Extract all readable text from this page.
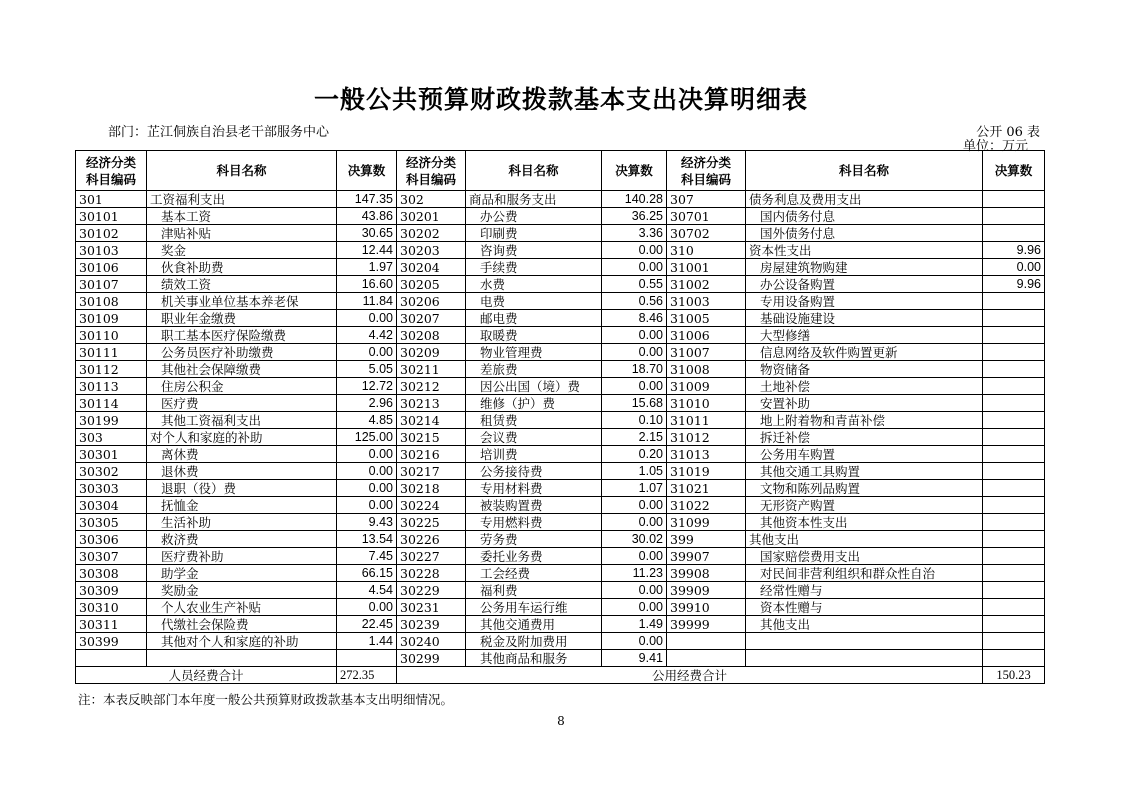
一般公共预算财政拨款基本支出决算明细表
部门：芷江侗族自治县老干部服务中心	公开 06 表
单位：万元
经济分类
科目编码	科目名称	决算数	经济分类
科目编码	科目名称	决算数	经济分类
科目编码	科目名称	决算数
301	工资福利支出	147.35	302	商品和服务支出	140.28	307	债务利息及费用支出	
30101	基本工资	43.86	30201	办公费	36.25	30701	国内债务付息	
30102	津贴补贴	30.65	30202	印刷费	3.36	30702	国外债务付息	
30103	奖金	12.44	30203	咨询费	0.00	310	资本性支出	9.96
30106	伙食补助费	1.97	30204	手续费	0.00	31001	房屋建筑物购建	0.00
30107	绩效工资	16.60	30205	水费	0.55	31002	办公设备购置	9.96
30108	机关事业单位基本养老保	11.84	30206	电费	0.56	31003	专用设备购置	
30109	职业年金缴费	0.00	30207	邮电费	8.46	31005	基础设施建设	
30110	职工基本医疗保险缴费	4.42	30208	取暖费	0.00	31006	大型修缮	
30111	公务员医疗补助缴费	0.00	30209	物业管理费	0.00	31007	信息网络及软件购置更新	
30112	其他社会保障缴费	5.05	30211	差旅费	18.70	31008	物资储备	
30113	住房公积金	12.72	30212	因公出国（境）费	0.00	31009	土地补偿	
30114	医疗费	2.96	30213	维修（护）费	15.68	31010	安置补助	
30199	其他工资福利支出	4.85	30214	租赁费	0.10	31011	地上附着物和青苗补偿	
303	对个人和家庭的补助	125.00	30215	会议费	2.15	31012	拆迁补偿	
30301	离休费	0.00	30216	培训费	0.20	31013	公务用车购置	
30302	退休费	0.00	30217	公务接待费	1.05	31019	其他交通工具购置	
30303	退职（役）费	0.00	30218	专用材料费	1.07	31021	文物和陈列品购置	
30304	抚恤金	0.00	30224	被装购置费	0.00	31022	无形资产购置	
30305	生活补助	9.43	30225	专用燃料费	0.00	31099	其他资本性支出	
30306	救济费	13.54	30226	劳务费	30.02	399	其他支出	
30307	医疗费补助	7.45	30227	委托业务费	0.00	39907	国家赔偿费用支出	
30308	助学金	66.15	30228	工会经费	11.23	39908	对民间非营利组织和群众性自治	
30309	奖励金	4.54	30229	福利费	0.00	39909	经常性赠与	
30310	个人农业生产补贴	0.00	30231	公务用车运行维	0.00	39910	资本性赠与	
30311	代缴社会保险费	22.45	30239	其他交通费用	1.49	39999	其他支出	
30399	其他对个人和家庭的补助	1.44	30240	税金及附加费用	0.00			
			30299	其他商品和服务	9.41			
人员经费合计		272.35	公用经费合计					150.23
注：本表反映部门本年度一般公共预算财政拨款基本支出明细情况。
8
